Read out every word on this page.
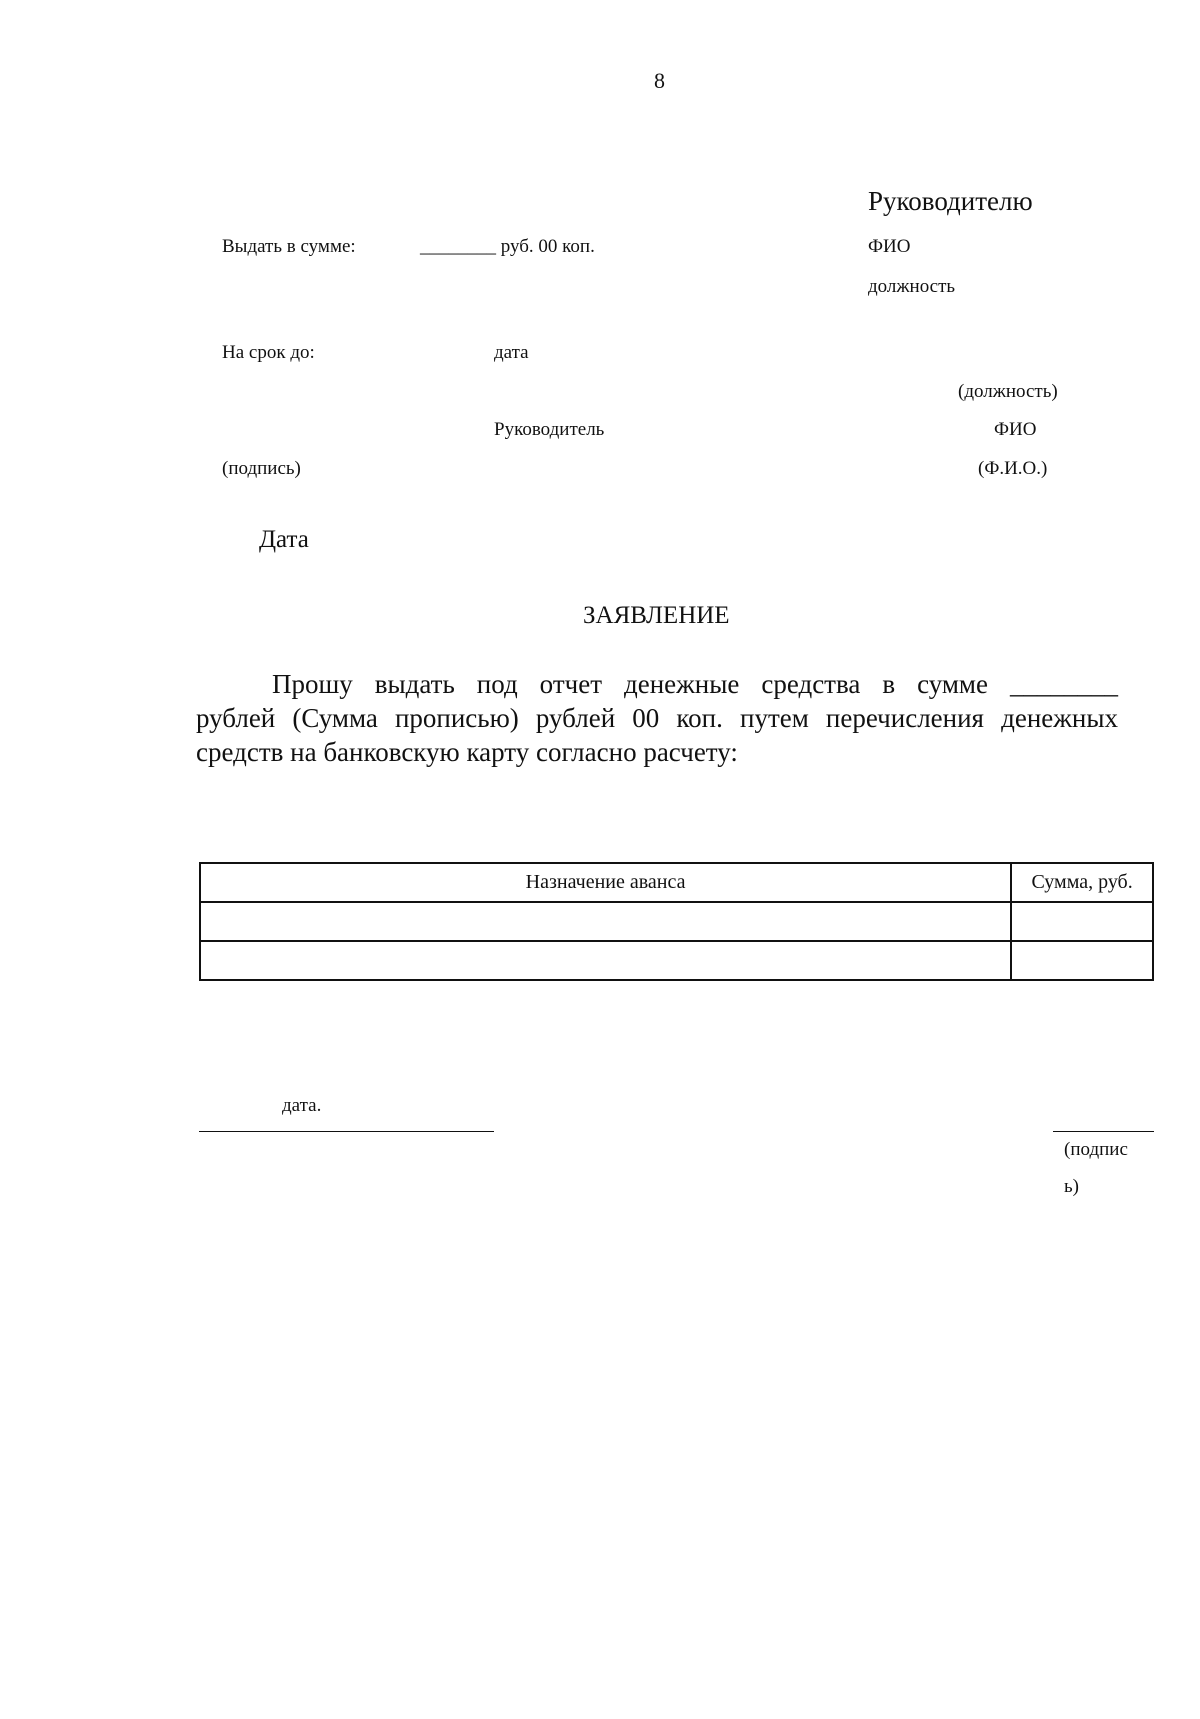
8
Руководителю
ФИО
должность
Выдать в сумме:	________ руб. 00 коп.
На срок до:	дата
(должность)
Руководитель	ФИО
(подпись)	(Ф.И.О.)
Дата
ЗАЯВЛЕНИЕ
Прошу выдать под отчет денежные средства в сумме ________
рублей (Сумма прописью) рублей 00 коп. путем перечисления денежных
средств на банковскую карту согласно расчету:
Назначение аванса	Сумма, руб.

дата.
(подпис
ь)
